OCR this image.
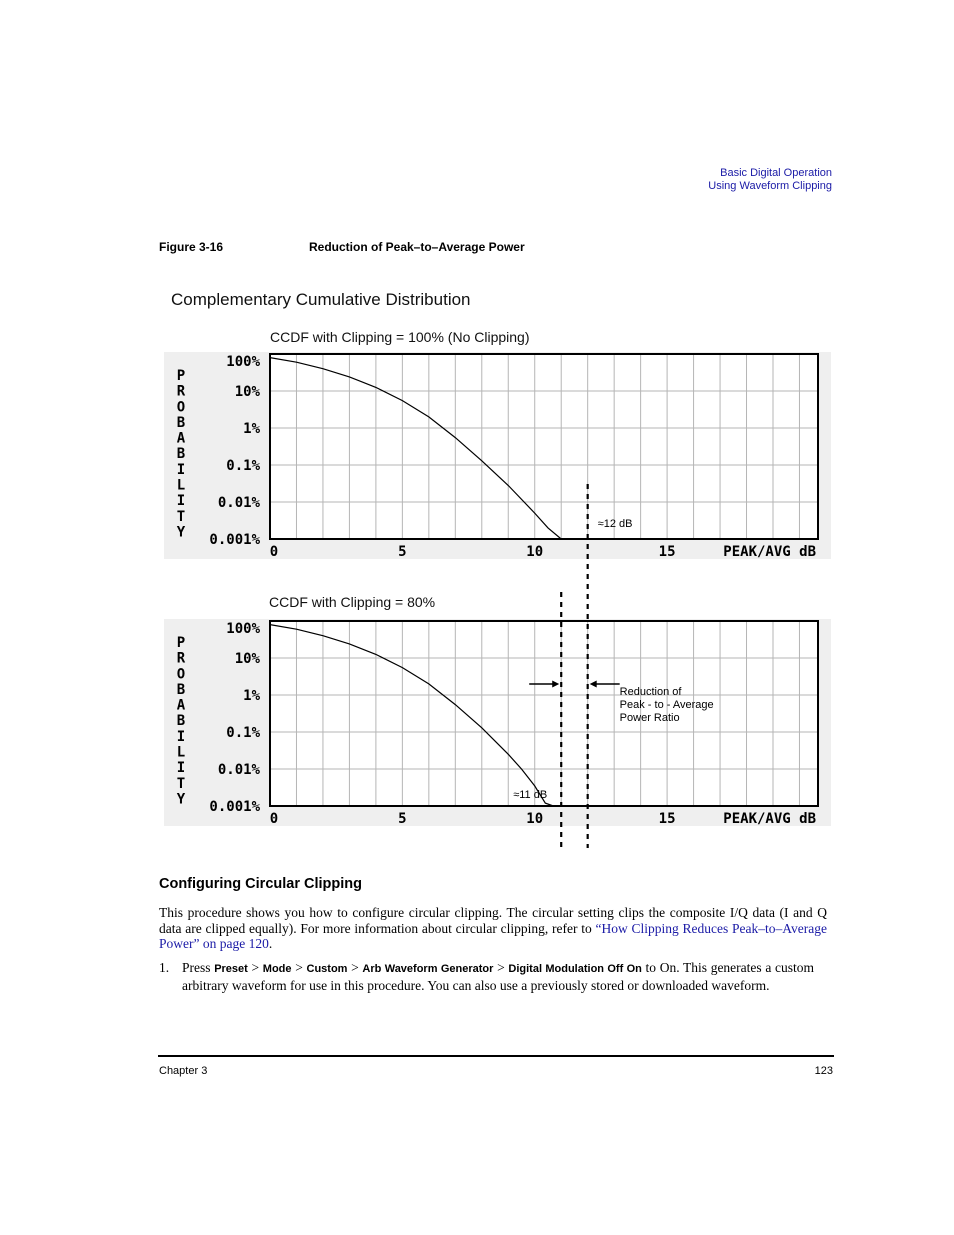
Basic Digital Operation
Using Waveform Clipping
Figure 3-16	Reduction of Peak–to–Average Power
Complementary Cumulative Distribution
CCDF with Clipping = 100% (No Clipping)
CCDF with Clipping = 80%
P
R
O
B
A
B
I
L
I
T
Y
100%
10%
1%
0.1%
0.01%
0.001%
0	5	10	15	PEAK/AVG dB
≈12 dB
P
R
O
B
A
B
I
L
I
T
Y
100%
10%
1%
0.1%
0.01%
0.001%
0	5	10	15	PEAK/AVG dB
≈11 dB
Reduction of
Peak - to - Average
Power Ratio
Configuring Circular Clipping
This procedure shows you how to configure circular clipping. The circular setting clips the composite I/Q data (I and Q data are clipped equally). For more information about circular clipping, refer to “How Clipping Reduces Peak–to–Average Power” on page 120.
1. Press Preset > Mode > Custom > Arb Waveform Generator > Digital Modulation Off On to On. This generates a custom arbitrary waveform for use in this procedure. You can also use a previously stored or downloaded waveform.
Chapter 3	123
